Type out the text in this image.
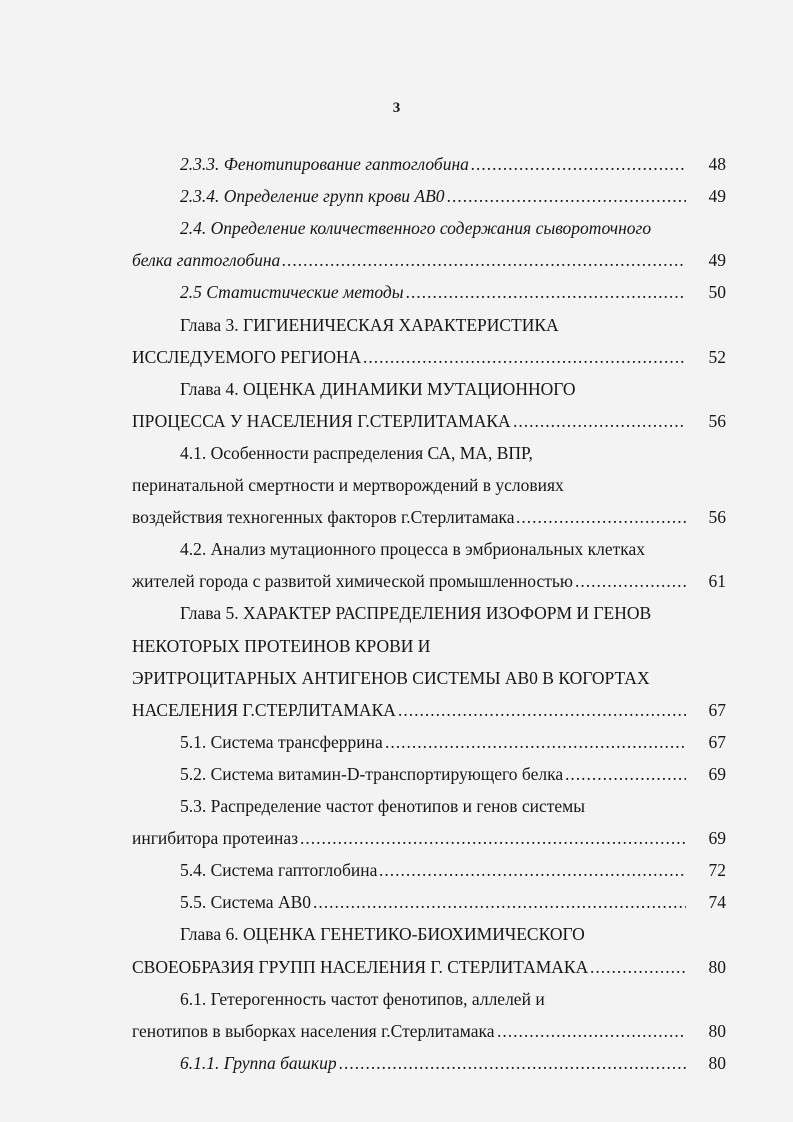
3
2.3.3. Фенотипирование гаптоглобина .....	48
2.3.4. Определение групп крови АВ0 .....	49
2.4. Определение количественного содержания сывороточного
белка гаптоглобина .....	49
2.5 Статистические методы .....	50
Глава 3. ГИГИЕНИЧЕСКАЯ ХАРАКТЕРИСТИКА
ИССЛЕДУЕМОГО РЕГИОНА .....	52
Глава 4. ОЦЕНКА ДИНАМИКИ МУТАЦИОННОГО
ПРОЦЕССА У НАСЕЛЕНИЯ Г.СТЕРЛИТАМАКА .....	56
4.1. Особенности распределения СА, МА, ВПР,
перинатальной смертности и мертворождений в условиях
воздействия техногенных факторов г.Стерлитамака .....	56
4.2. Анализ мутационного процесса в эмбриональных клетках
жителей города с развитой химической промышленностью .....	61
Глава 5. ХАРАКТЕР РАСПРЕДЕЛЕНИЯ ИЗОФОРМ И ГЕНОВ
НЕКОТОРЫХ ПРОТЕИНОВ КРОВИ И
ЭРИТРОЦИТАРНЫХ АНТИГЕНОВ СИСТЕМЫ АВ0 В КОГОРТАХ
НАСЕЛЕНИЯ Г.СТЕРЛИТАМАКА .....	67
5.1. Система трансферрина .....	67
5.2. Система витамин-D-транспортирующего белка .....	69
5.3. Распределение частот фенотипов и генов системы
ингибитора протеиназ .....	69
5.4. Система гаптоглобина .....	72
5.5. Система АВ0 .....	74
Глава 6. ОЦЕНКА ГЕНЕТИКО-БИОХИМИЧЕСКОГО
СВОЕОБРАЗИЯ ГРУПП НАСЕЛЕНИЯ Г. СТЕРЛИТАМАКА .....	80
6.1. Гетерогенность частот фенотипов, аллелей и
генотипов в выборках населения г.Стерлитамака .....	80
6.1.1. Группа башкир .....	80
